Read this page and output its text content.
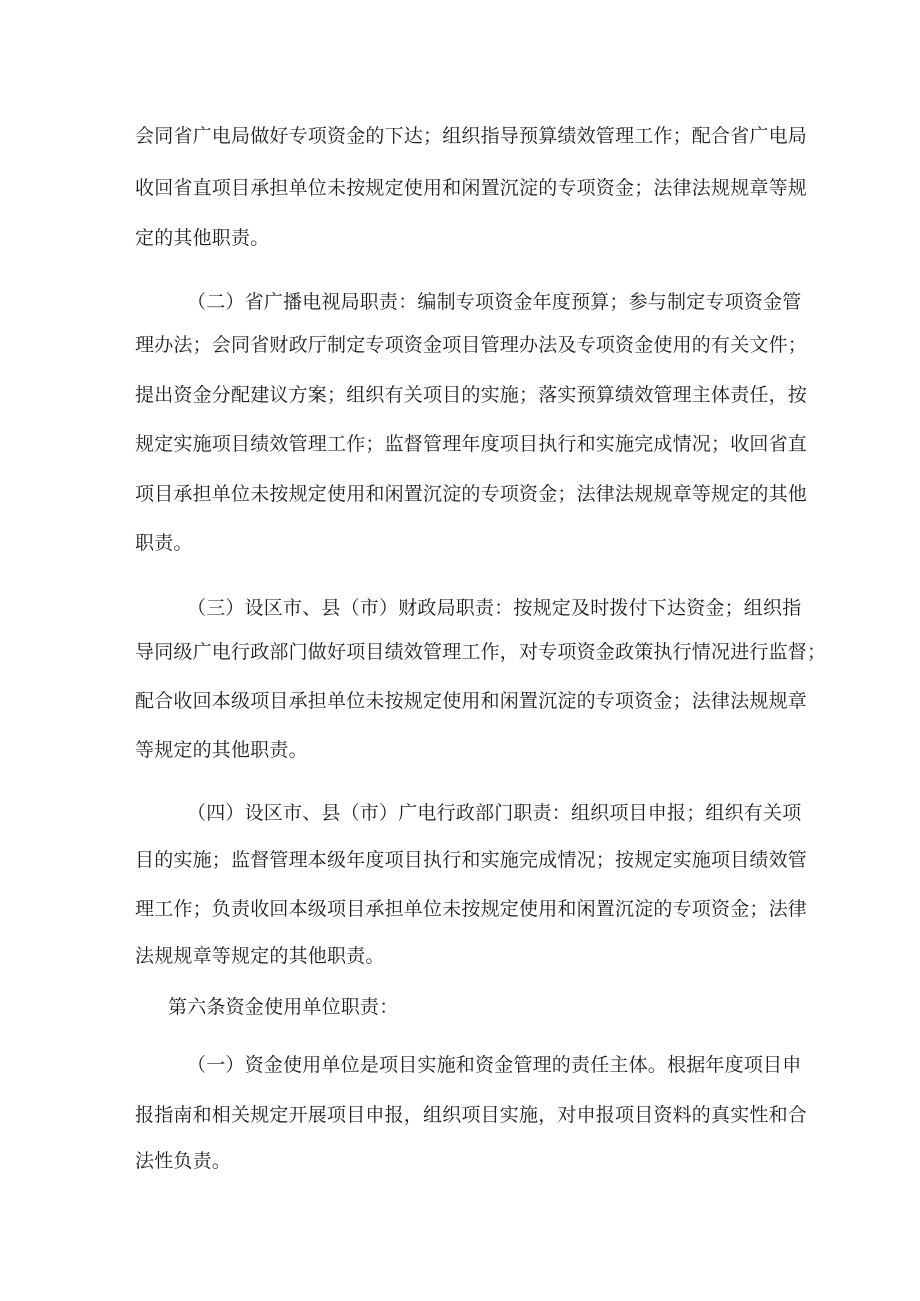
会同省广电局做好专项资金的下达；组织指导预算绩效管理工作；配合省广电局
收回省直项目承担单位未按规定使用和闲置沉淀的专项资金；法律法规规章等规
定的其他职责。
（二）省广播电视局职责：编制专项资金年度预算；参与制定专项资金管
理办法；会同省财政厅制定专项资金项目管理办法及专项资金使用的有关文件；
提出资金分配建议方案；组织有关项目的实施；落实预算绩效管理主体责任，按
规定实施项目绩效管理工作；监督管理年度项目执行和实施完成情况；收回省直
项目承担单位未按规定使用和闲置沉淀的专项资金；法律法规规章等规定的其他
职责。
（三）设区市、县（市）财政局职责：按规定及时拨付下达资金；组织指
导同级广电行政部门做好项目绩效管理工作，对专项资金政策执行情况进行监督；
配合收回本级项目承担单位未按规定使用和闲置沉淀的专项资金；法律法规规章
等规定的其他职责。
（四）设区市、县（市）广电行政部门职责：组织项目申报；组织有关项
目的实施；监督管理本级年度项目执行和实施完成情况；按规定实施项目绩效管
理工作；负责收回本级项目承担单位未按规定使用和闲置沉淀的专项资金；法律
法规规章等规定的其他职责。
第六条资金使用单位职责：
（一）资金使用单位是项目实施和资金管理的责任主体。根据年度项目申
报指南和相关规定开展项目申报，组织项目实施，对申报项目资料的真实性和合
法性负责。
